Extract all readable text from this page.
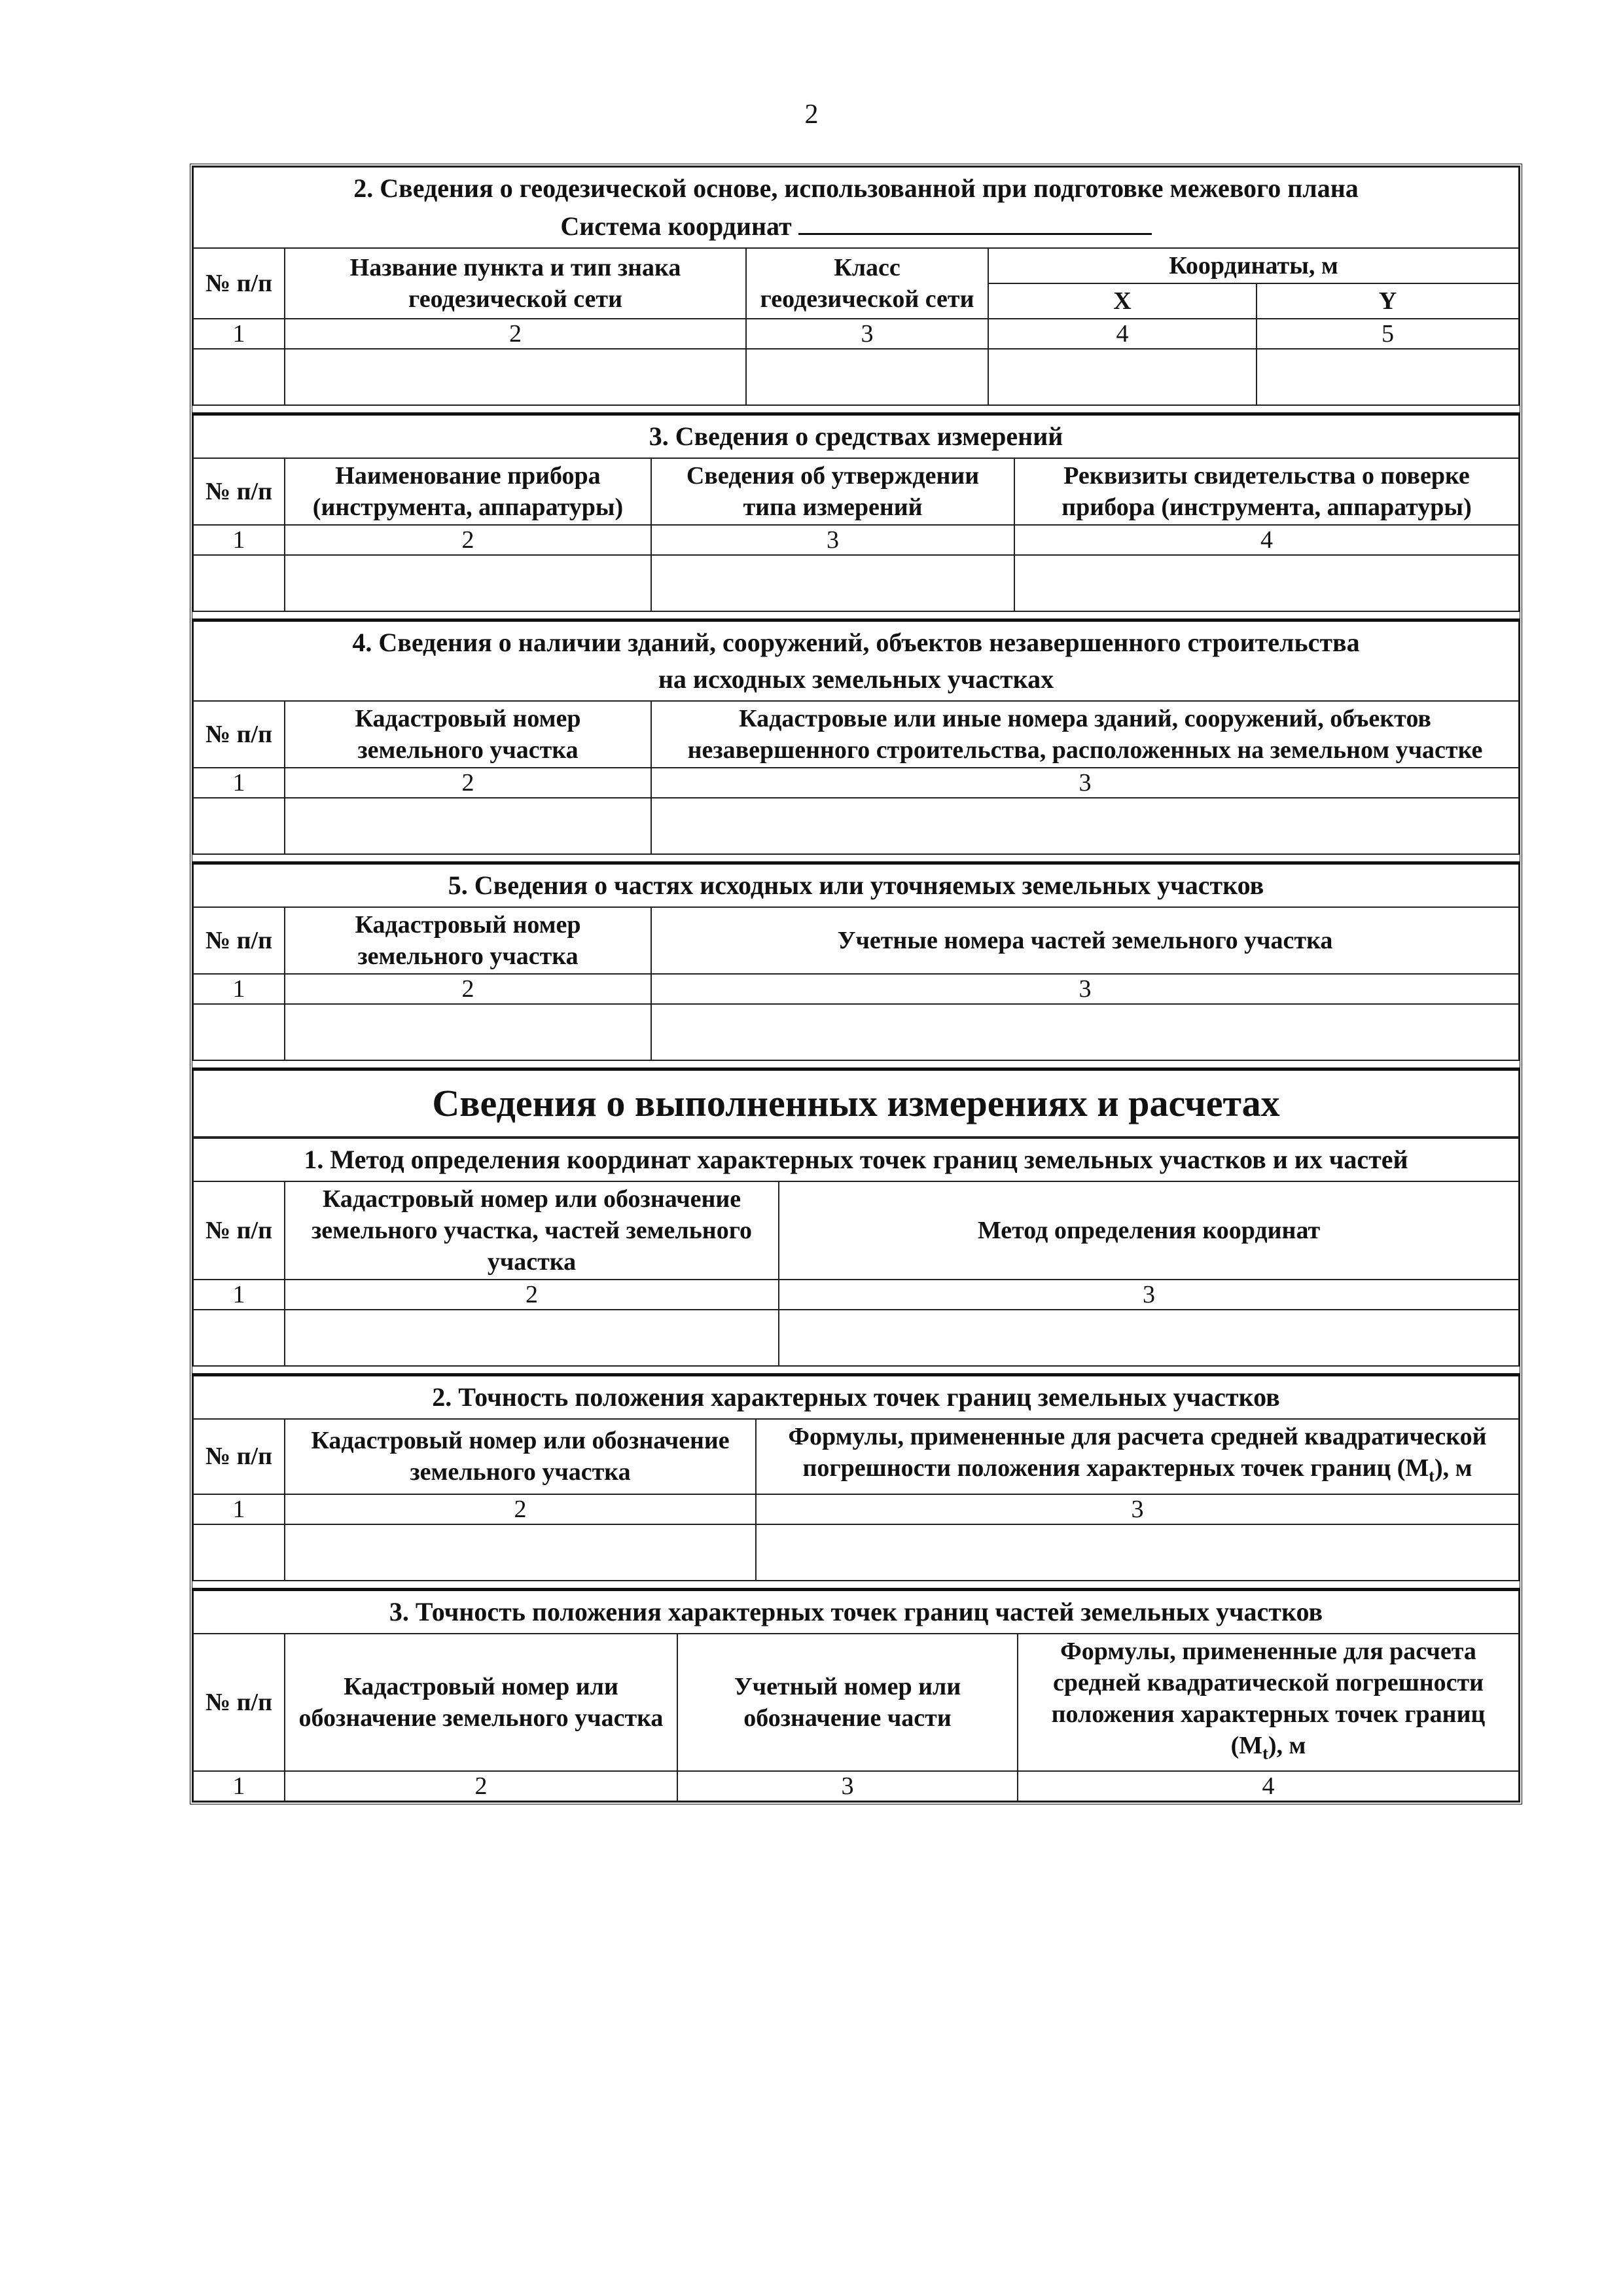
2
2. Сведения о геодезической основе, использованной при подготовке межевого плана
Система координат				
№ п/п	Название пункта и тип знака геодезической сети	Класс геодезической сети	Координаты, м	
			X	Y
1	2	3	4	5

3. Сведения о средствах измерений			
№ п/п	Наименование прибора (инструмента, аппаратуры)	Сведения об утверждении типа измерений	Реквизиты свидетельства о поверке прибора (инструмента, аппаратуры)
1	2	3	4

4. Сведения о наличии зданий, сооружений, объектов незавершенного строительства
на исходных земельных участках		
№ п/п	Кадастровый номер земельного участка	Кадастровые или иные номера зданий, сооружений, объектов незавершенного строительства, расположенных на земельном участке
1	2	3

5. Сведения о частях исходных или уточняемых земельных участков		
№ п/п	Кадастровый номер земельного участка	Учетные номера частей земельного участка
1	2	3

Сведения о выполненных измерениях и расчетах
1. Метод определения координат характерных точек границ земельных участков и их частей		
№ п/п	Кадастровый номер или обозначение земельного участка, частей земельного участка	Метод определения координат
1	2	3

2. Точность положения характерных точек границ земельных участков		
№ п/п	Кадастровый номер или обозначение земельного участка	Формулы, примененные для расчета средней квадратической погрешности положения характерных точек границ $(M_t)$, м
1	2	3

3. Точность положения характерных точек границ частей земельных участков			
№ п/п	Кадастровый номер или обозначение земельного участка	Учетный номер или обозначение части	Формулы, примененные для расчета средней квадратической погрешности положения характерных точек границ $(M_t)$, м
1	2	3	4
